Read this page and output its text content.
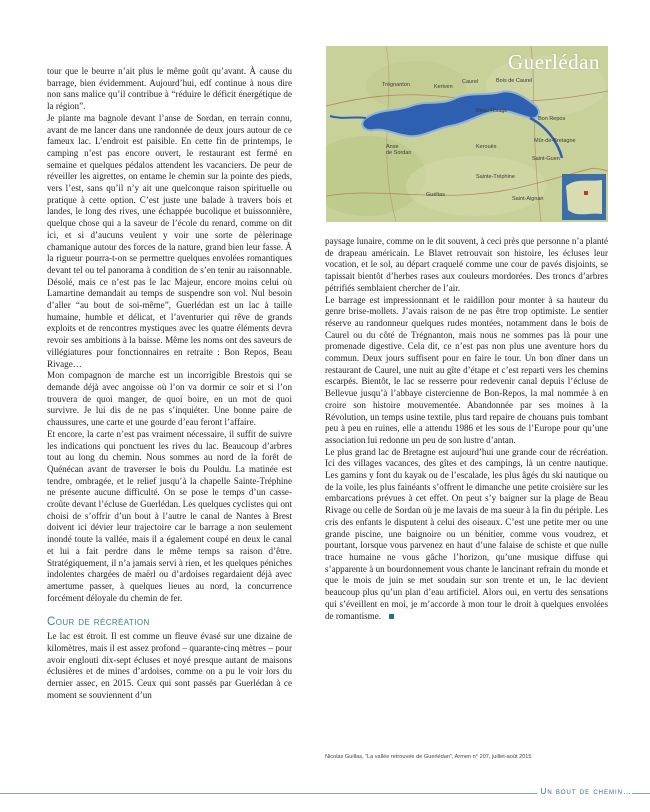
tour que le beurre n’ait plus le même goût qu’avant. À cause du barrage, bien évidemment. Aujourd’hui, edf continue à nous dire non sans malice qu’il contribue à “réduire le déficit énergétique de la région”.

Je plante ma bagnole devant l’anse de Sordan, en terrain connu, avant de me lancer dans une randonnée de deux jours autour de ce fameux lac. L’endroit est paisible. En cette fin de printemps, le camping n’est pas encore ouvert, le restaurant est fermé en semaine et quelques pédalos attendent les vacanciers. De peur de réveiller les aigrettes, on entame le chemin sur la pointe des pieds, vers l’est, sans qu’il n’y ait une quelconque raison spirituelle ou pratique à cette option. C’est juste une balade à travers bois et landes, le long des rives, une échappée bucolique et buissonnière, quelque chose qui a la saveur de l’école du renard, comme on dit ici, et si d’aucuns veulent y voir une sorte de pèlerinage chamanique autour des forces de la nature, grand bien leur fasse. À la rigueur pourra-t-on se permettre quelques envolées romantiques devant tel ou tel panorama à condition de s’en tenir au raisonnable. Désolé, mais ce n’est pas le lac Majeur, encore moins celui où Lamartine demandait au temps de suspendre son vol. Nul besoin d’aller “au bout de soi-même”, Guerlédan est un lac à taille humaine, humble et délicat, et l’aventurier qui rêve de grands exploits et de rencontres mystiques avec les quatre éléments devra revoir ses ambitions à la baisse. Même les noms ont des saveurs de villégiatures pour fonctionnaires en retraite : Bon Repos, Beau Rivage…

Mon compagnon de marche est un incorrigible Brestois qui se demande déjà avec angoisse où l’on va dormir ce soir et si l’on trouvera de quoi manger, de quoi boire, en un mot de quoi survivre. Je lui dis de ne pas s’inquiéter. Une bonne paire de chaussures, une carte et une gourde d’eau feront l’affaire.

Et encore, la carte n’est pas vraiment nécessaire, il suffit de suivre les indications qui ponctuent les rives du lac. Beaucoup d’arbres tout au long du chemin. Nous sommes au nord de la forêt de Quénécan avant de traverser le bois du Pouldu. La matinée est tendre, ombragée, et le relief jusqu’à la chapelle Sainte-Tréphine ne présente aucune difficulté. On se pose le temps d’un casse-croûte devant l’écluse de Guerlédan. Les quelques cyclistes qui ont choisi de s’offrir d’un bout à l’autre le canal de Nantes à Brest doivent ici dévier leur trajectoire car le barrage a non seulement inondé toute la vallée, mais il a également coupé en deux le canal et lui a fait perdre dans le même temps sa raison d’être. Stratégiquement, il n’a jamais servi à rien, et les quelques péniches indolentes chargées de maërl ou d’ardoises regardaient déjà avec amertume passer, à quelques lieues au nord, la concurrence forcément déloyale du chemin de fer.

Cour de récréation

Le lac est étroit. Il est comme un fleuve évasé sur une dizaine de kilomètres, mais il est assez profond – quarante-cinq mètres – pour avoir englouti dix-sept écluses et noyé presque autant de maisons éclusières et de mines d’ardoises, comme on a pu le voir lors du dernier assec, en 2015. Ceux qui sont passés par Guerlédan à ce moment se souviennent d’un

Guerlédan
Trégnanton	Keriven
Caurel	Bois de Caurel
Beau Rivage
Bon Repos
Anse
de Sordan
Kerouës
Mûr-de-Bretagne
Saint-Guen
Sainte-Tréphine
Saint-Aignan
Guéltas

paysage lunaire, comme on le dit souvent, à ceci près que personne n’a planté de drapeau américain. Le Blavet retrouvait son histoire, les écluses leur vocation, et le sol, au départ craquelé comme une cour de pavés disjoints, se tapissait bientôt d’herbes rases aux couleurs mordorées. Des troncs d’arbres pétrifiés semblaient chercher de l’air.

Le barrage est impressionnant et le raidillon pour monter à sa hauteur du genre brise-mollets. J’avais raison de ne pas être trop optimiste. Le sentier réserve au randonneur quelques rudes montées, notamment dans le bois de Caurel ou du côté de Trégnanton, mais nous ne sommes pas là pour une promenade digestive. Cela dit, ce n’est pas non plus une aventure hors du commun. Deux jours suffisent pour en faire le tour. Un bon dîner dans un restaurant de Caurel, une nuit au gîte d’étape et c’est reparti vers les chemins escarpés. Bientôt, le lac se resserre pour redevenir canal depuis l’écluse de Bellevue jusqu’à l’abbaye cistercienne de Bon-Repos, la mal nommée à en croire son histoire mouvementée. Abandonnée par ses moines à la Révolution, un temps usine textile, plus tard repaire de chouans puis tombant peu à peu en ruines, elle a attendu 1986 et les sous de l’Europe pour qu’une association lui redonne un peu de son lustre d’antan.

Le plus grand lac de Bretagne est aujourd’hui une grande cour de récréation. Ici des villages vacances, des gîtes et des campings, là un centre nautique. Les gamins y font du kayak ou de l’escalade, les plus âgés du ski nautique ou de la voile, les plus fainéants s’offrent le dimanche une petite croisière sur les embarcations prévues à cet effet. On peut s’y baigner sur la plage de Beau Rivage ou celle de Sordan où je me lavais de ma sueur à la fin du périple. Les cris des enfants le disputent à celui des oiseaux. C’est une petite mer ou une grande piscine, une baignoire ou un bénitier, comme vous voudrez, et pourtant, lorsque vous parvenez en haut d’une falaise de schiste et que nulle trace humaine ne vous gâche l’horizon, qu’une musique diffuse qui s’apparente à un bourdonnement vous chante le lancinant refrain du monde et que le mois de juin se met soudain sur son trente et un, le lac devient beaucoup plus qu’un plan d’eau artificiel. Alors oui, en vertu des sensations qui s’éveillent en moi, je m’accorde à mon tour le droit à quelques envolées de romantisme.

Nicolas Guillas, “La vallée retrouvée de Guerlédan”, Armen n° 207, juillet-août 2015
Un bout de chemin…
